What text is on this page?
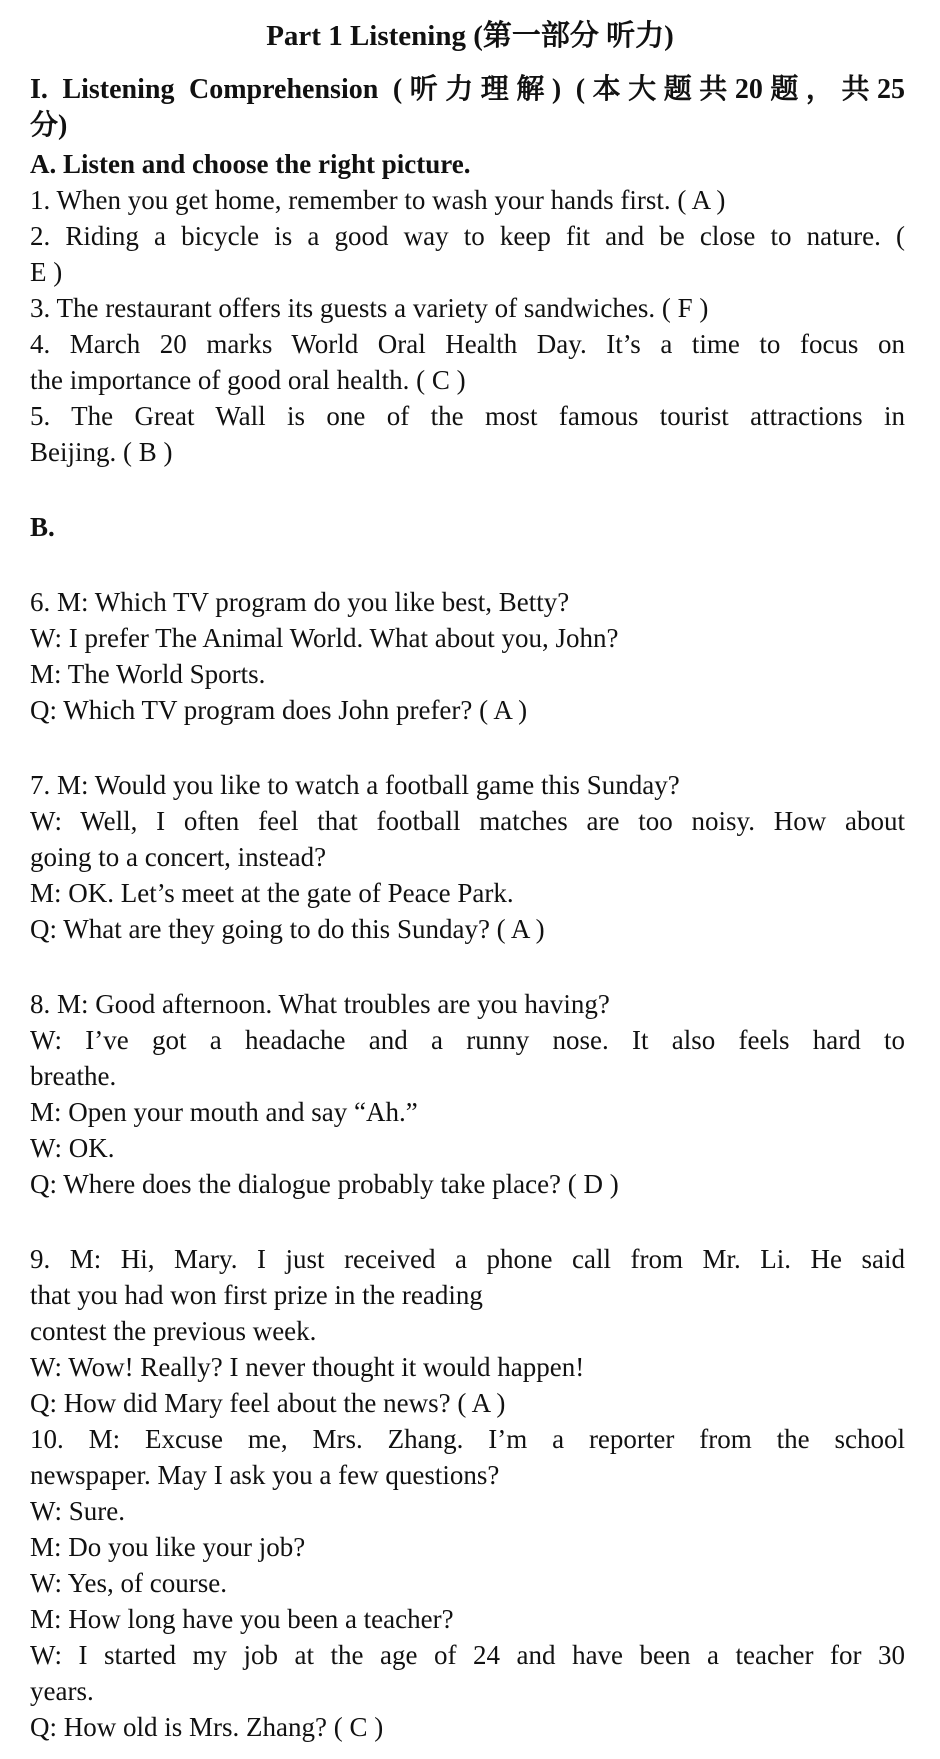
Part 1 Listening (第一部分 听力)
I. Listening Comprehension (听力理解) (本大题共20题，共25
分)
A. Listen and choose the right picture.
1. When you get home, remember to wash your hands first. ( A )
2. Riding a bicycle is a good way to keep fit and be close to nature. (
E )
3. The restaurant offers its guests a variety of sandwiches. ( F )
4. March 20 marks World Oral Health Day. It’s a time to focus on
the importance of good oral health. ( C )
5. The Great Wall is one of the most famous tourist attractions in
Beijing. ( B )
B.
6. M: Which TV program do you like best, Betty?
W: I prefer The Animal World. What about you, John?
M: The World Sports.
Q: Which TV program does John prefer? ( A )
7. M: Would you like to watch a football game this Sunday?
W: Well, I often feel that football matches are too noisy. How about
going to a concert, instead?
M: OK. Let’s meet at the gate of Peace Park.
Q: What are they going to do this Sunday? ( A )
8. M: Good afternoon. What troubles are you having?
W: I’ve got a headache and a runny nose. It also feels hard to
breathe.
M: Open your mouth and say “Ah.”
W: OK.
Q: Where does the dialogue probably take place? ( D )
9. M: Hi, Mary. I just received a phone call from Mr. Li. He said
that you had won first prize in the reading
contest the previous week.
W: Wow! Really? I never thought it would happen!
Q: How did Mary feel about the news? ( A )
10. M: Excuse me, Mrs. Zhang. I’m a reporter from the school
newspaper. May I ask you a few questions?
W: Sure.
M: Do you like your job?
W: Yes, of course.
M: How long have you been a teacher?
W: I started my job at the age of 24 and have been a teacher for 30
years.
Q: How old is Mrs. Zhang? ( C )
